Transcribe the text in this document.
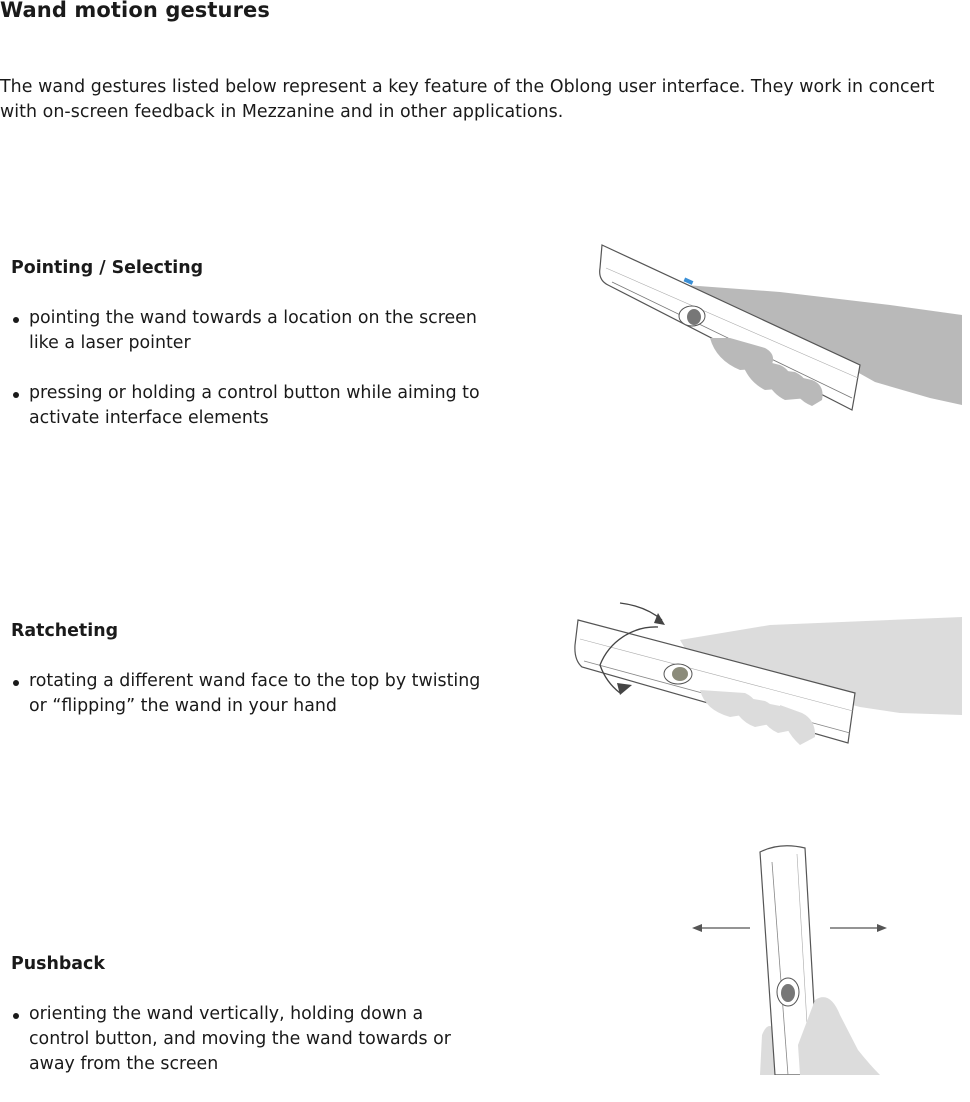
Wand motion gestures

The wand gestures listed below represent a key feature of the Oblong user interface. They work in concert with on-screen feedback in Mezzanine and in other applications.

Pointing / Selecting
pointing the wand towards a location on the screen like a laser pointer
pressing or holding a control button while aiming to activate interface elements
Ratcheting
rotating a different wand face to the top by twisting or “flipping” the wand in your hand
Pushback
orienting the wand vertically, holding down a control button, and moving the wand towards or away from the screen
